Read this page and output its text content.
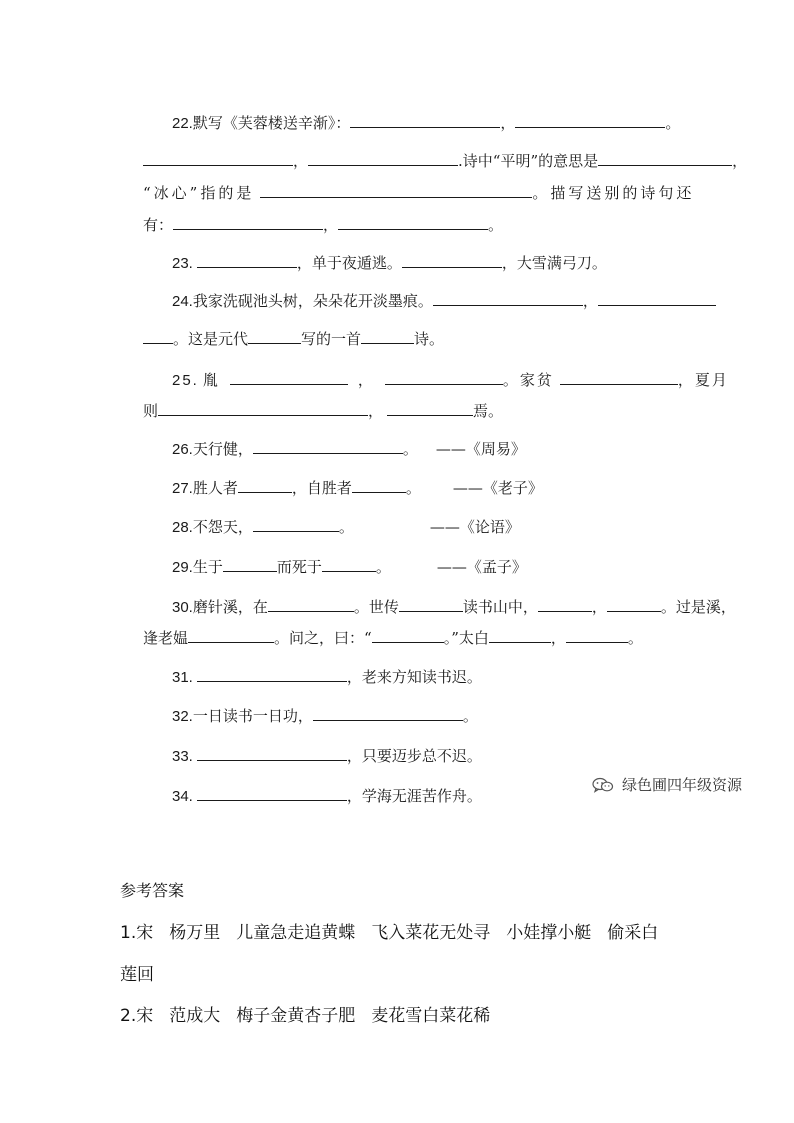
22.默写《芙蓉楼送辛渐》：	，	。
，	.诗中“平明”的意思是	，
“冰心”指的是	。描写送别的诗句还
有：	，	。
23.	，单于夜遁逃。	，大雪满弓刀。
24.我家洗砚池头树，朵朵花开淡墨痕。	，
。这是元代	写的一首	诗。
25. 胤	，	。家贫	，夏月
则	，	焉。
26.天行健，	。 ——《周易》
27.胜人者	，自胜者	。 ——《老子》
28.不怨天，	。	——《论语》
29.生于	而死于	。	——《孟子》
30.磨针溪，在	。世传	读书山中，	，	。过是溪，
逢老媪	。问之，曰：“	。”太白	，	。
31.	，老来方知读书迟。
32.一日读书一日功，	。
33.	，只要迈步总不迟。
34.	，学海无涯苦作舟。
绿色圃四年级资源
参考答案
1.宋 杨万里 儿童急走追黄蝶 飞入菜花无处寻 小娃撑小艇 偷采白
莲回
2.宋 范成大 梅子金黄杏子肥 麦花雪白菜花稀
